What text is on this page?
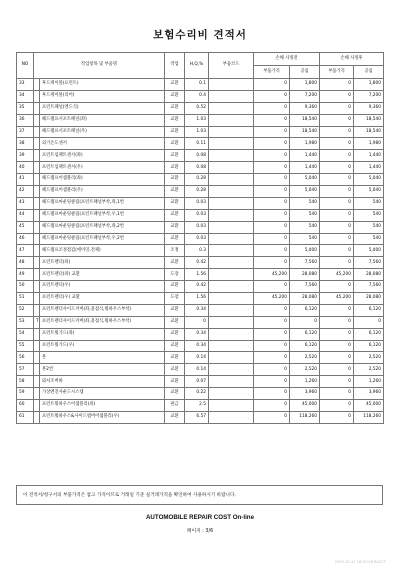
보험수리비 견적서
NO	작업항목 및 부품명		작업	H,Q,%	부품코드	손해 사정전		손해 사정후	
						부품가격	공임	부품가격	공임
33		후드케이블(프런트)	교환	0.1		0	1,800	0	1,800
34		후드케이블(리어)	교환	0.4		0	7,200	0	7,200
35		프런트패널(엔드식)	교환	0.52		0	9,360	0	9,360
36		헤드램프서포트패널(좌)	교환	1.03		0	18,540	0	18,540
37		헤드램프서포트패널(우)	교환	1.03		0	18,540	0	18,540
38		외기온도센서	교환	0.11		0	1,980	0	1,980
39		프런트임팩트센서(좌)	교환	0.08		0	1,440	0	1,440
40		프런트임팩트센서(우)	교환	0.08		0	1,440	0	1,440
41		헤드램프어셈블리(좌)	교환	0.28		0	5,040	0	5,040
42		헤드램프어셈블리(우)	교환	0.28		0	5,040	0	5,040
43		헤드램프마운팅클립(프런트패널부착,좌,1번	교환	0.03		0	540	0	540
44		헤드램프마운팅클립(프런트패널부착,우,1번	교환	0.03		0	540	0	540
45		헤드램프마운팅클립(프런트패널부착,좌,2번	교환	0.03		0	540	0	540
46		헤드램프마운팅클립(프런트패널부착,우,2번	교환	0.03		0	540	0	540
47		헤드램프조정점검(에이밍,전체)	조정	0.3		0	5,400	0	5,400
48		프런트펜더(좌)	교환	0.42		0	7,560	0	7,560
49		프런트펜더(좌) 교환	도장	1.56		45,200	28,080	45,200	28,080
50		프런트펜더(우)	교환	0.42		0	7,560	0	7,560
51		프런트펜더(우) 교환	도장	1.56		45,200	28,080	45,200	28,080
52		프런트펜더사이드커버(좌,용접식,휠하우스부착)	교환	0.34		0	6,120	0	6,120
53	T	프런트펜더사이드커버(좌,용접식,휠하우스부착)	교환	0		0	0	0	0
54		프런트휠가드(좌)	교환	0.34		0	6,120	0	6,120
55		프런트휠가드(우)	교환	0.34		0	6,120	0	6,120
56		혼	교환	0.14		0	2,520	0	2,520
57		혼2번	교환	0.14		0	2,520	0	2,520
58		와셔조버하	교환	0.07		0	1,260	0	1,260
59		가상엔진사운드시스템	교환	0.22		0	3,960	0	3,960
60		프런트휠하우스어셈블리(좌)	판금	2.5		0	45,000	0	45,000
61		프런트휠하우스&사이드멤버어셈블리(우)	교환	6.57		0	118,260	0	118,260
이 견적서/청구서의 부품가격은 참고 가격이므로 거래일 기준 실거래가격을 확인하여 사용하시기 바랍니다.
AUTOMOBILE REPAIR COST On-line
페이지 : 3/6
2023-10-17 16:37:08 R0CCT
